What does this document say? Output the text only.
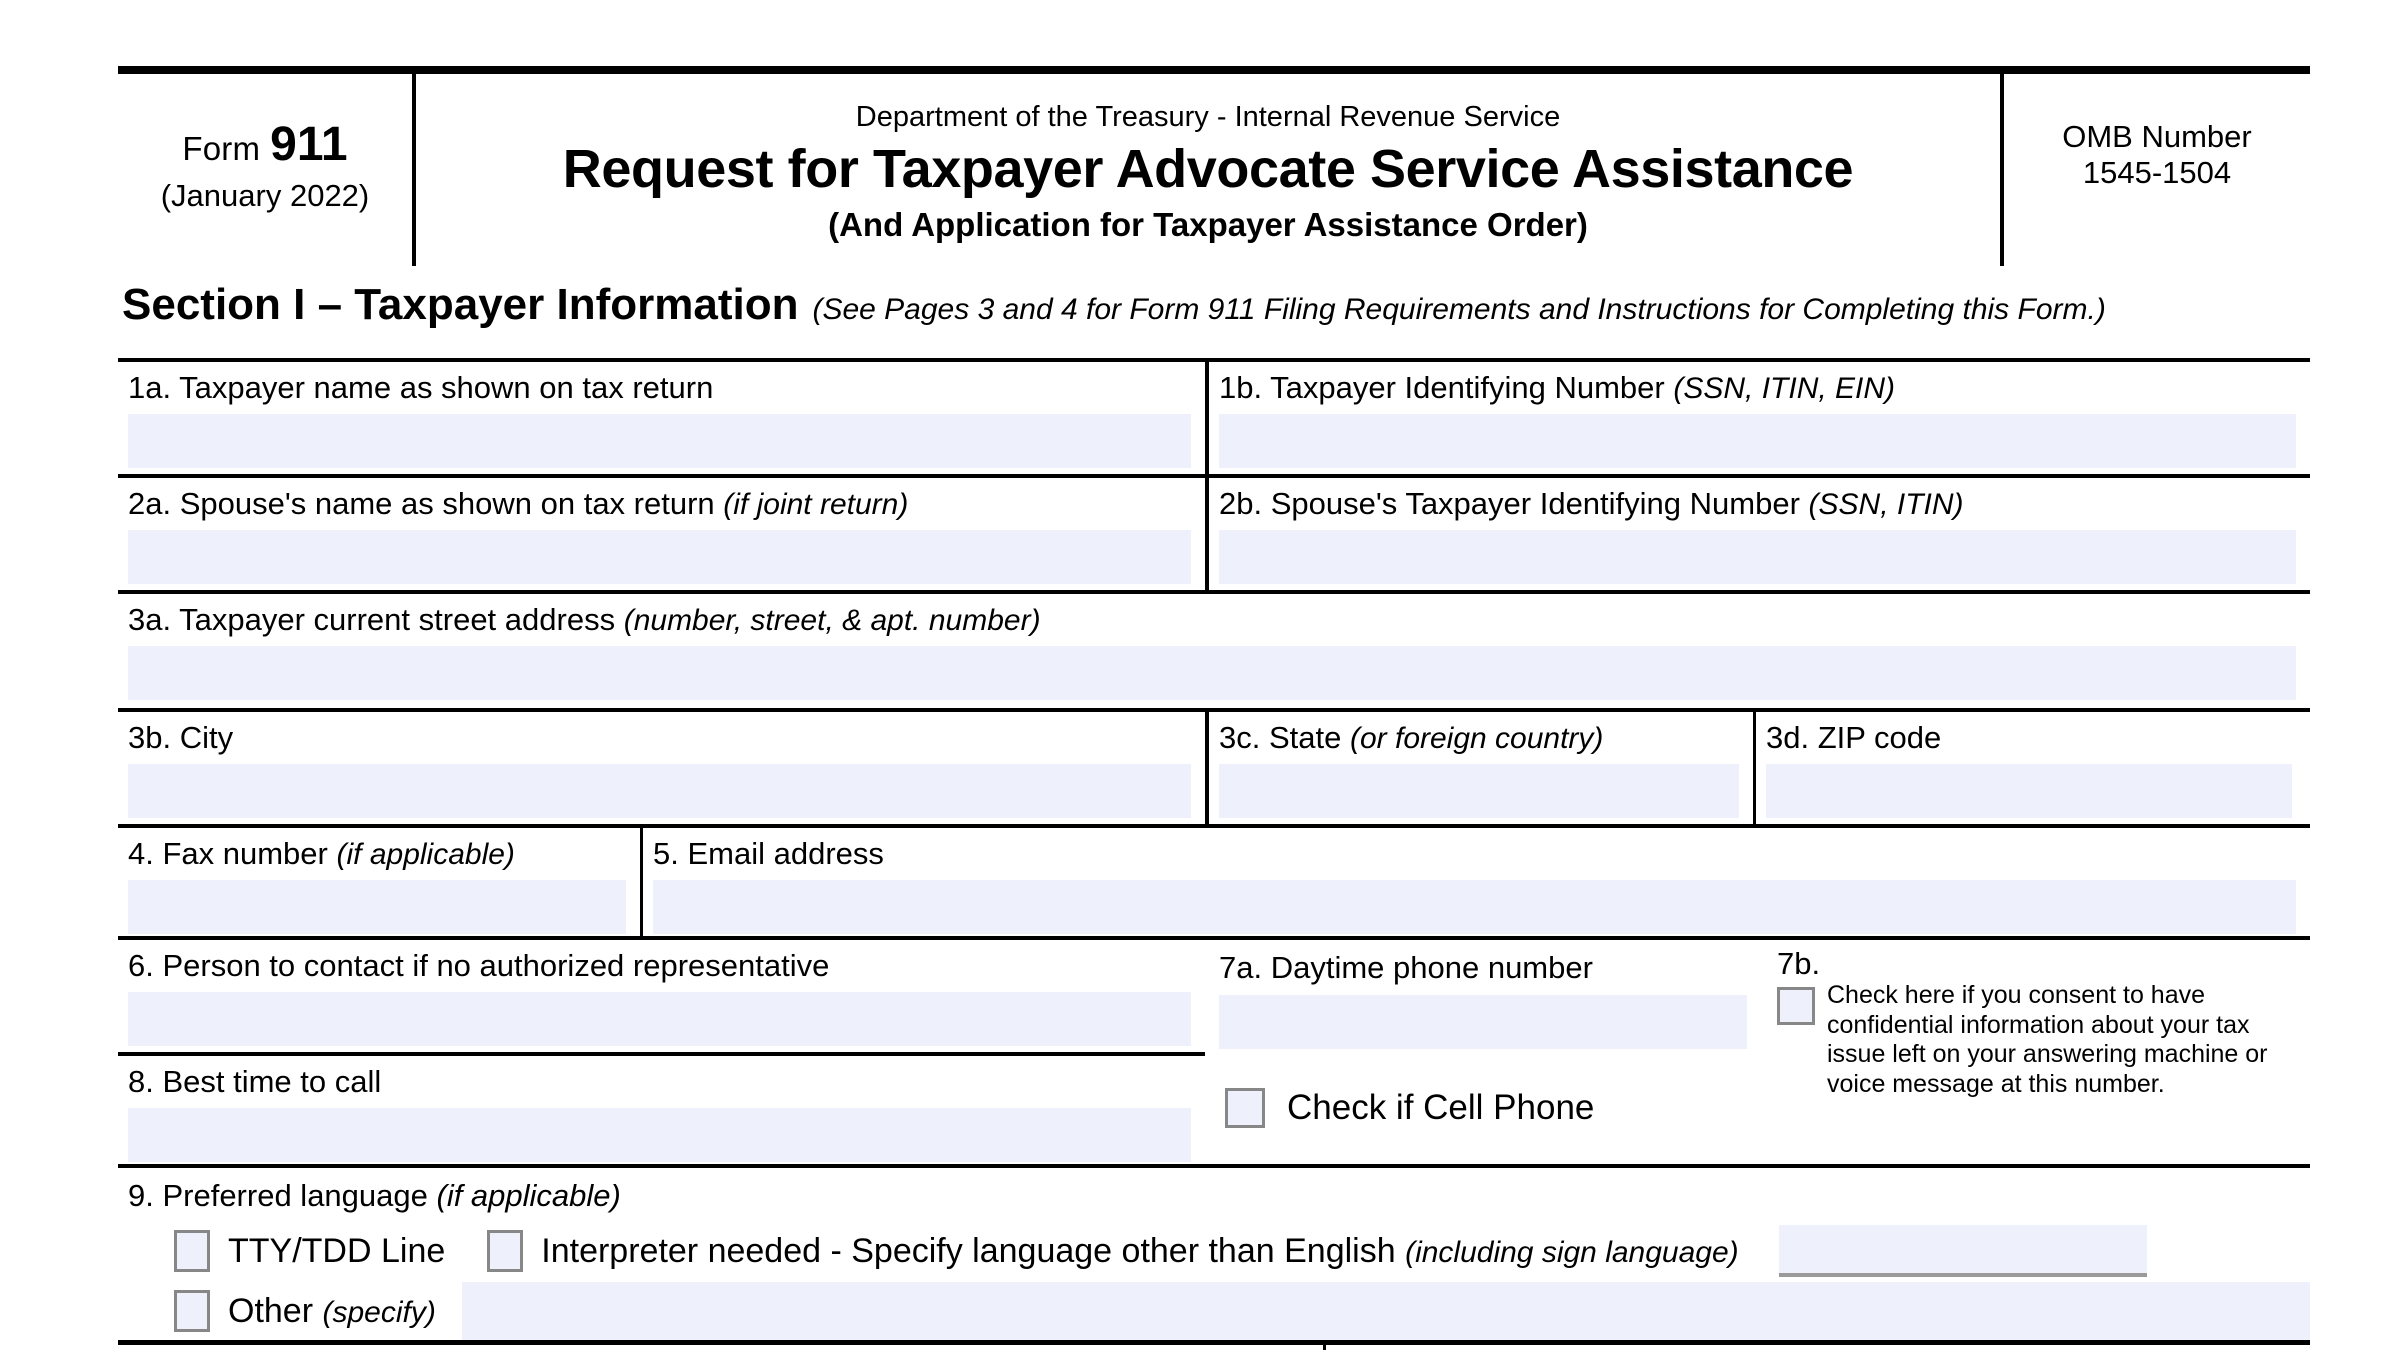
Form 911
(January 2022)
Department of the Treasury - Internal Revenue Service
Request for Taxpayer Advocate Service Assistance
(And Application for Taxpayer Assistance Order)
OMB Number
1545-1504
Section I – Taxpayer Information (See Pages 3 and 4 for Form 911 Filing Requirements and Instructions for Completing this Form.)
1a. Taxpayer name as shown on tax return	1b. Taxpayer Identifying Number (SSN, ITIN, EIN)
2a. Spouse's name as shown on tax return (if joint return)	2b. Spouse's Taxpayer Identifying Number (SSN, ITIN)
3a. Taxpayer current street address (number, street, & apt. number)
3b. City	3c. State (or foreign country)	3d. ZIP code
4. Fax number (if applicable)	5. Email address
6. Person to contact if no authorized representative
8. Best time to call
7a. Daytime phone number
Check if Cell Phone
7b.
Check here if you consent to have confidential information about your tax issue left on your answering machine or voice message at this number.
9. Preferred language (if applicable)
TTY/TDD Line	Interpreter needed - Specify language other than English (including sign language)
Other (specify)
